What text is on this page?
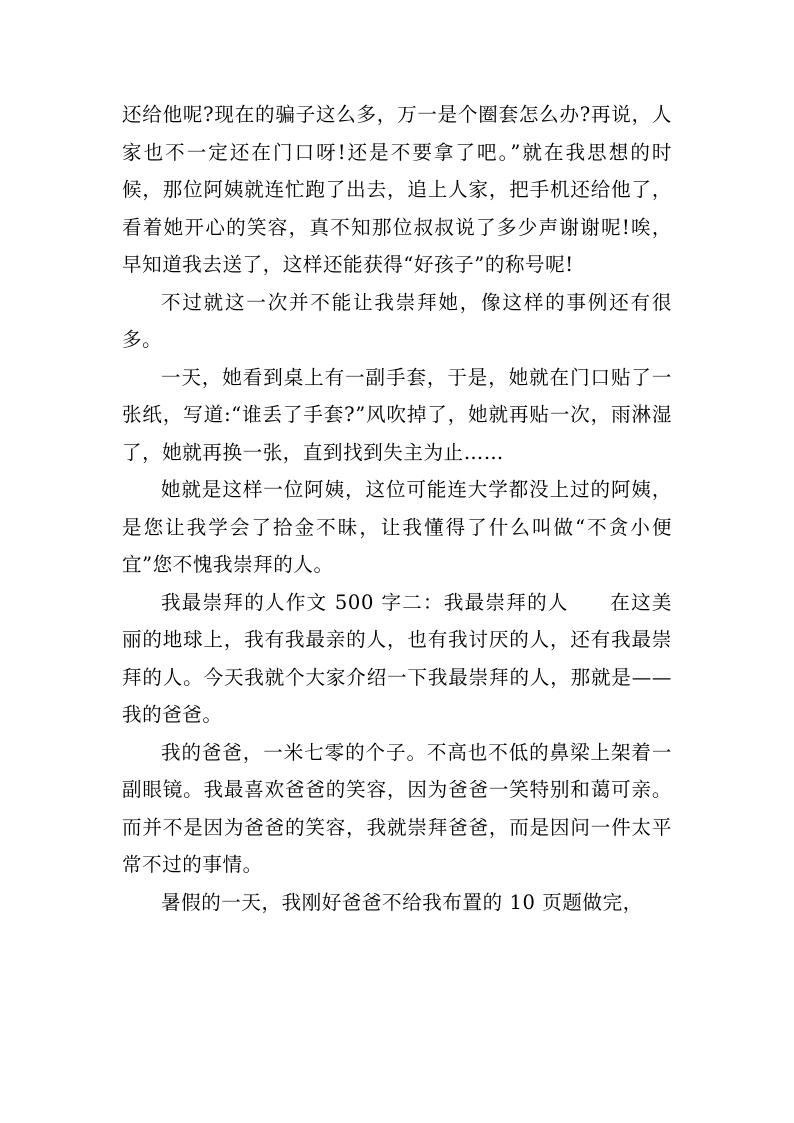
还给他呢?现在的骗子这么多，万一是个圈套怎么办?再说，人家也不一定还在门口呀!还是不要拿了吧。”就在我思想的时候，那位阿姨就连忙跑了出去，追上人家，把手机还给他了，看着她开心的笑容，真不知那位叔叔说了多少声谢谢呢!唉，早知道我去送了，这样还能获得“好孩子”的称号呢!

不过就这一次并不能让我崇拜她，像这样的事例还有很多。

一天，她看到桌上有一副手套，于是，她就在门口贴了一张纸，写道:“谁丢了手套?”风吹掉了，她就再贴一次，雨淋湿了，她就再换一张，直到找到失主为止……

她就是这样一位阿姨，这位可能连大学都没上过的阿姨，是您让我学会了拾金不昧，让我懂得了什么叫做“不贪小便宜”您不愧我崇拜的人。

我最崇拜的人作文 500 字二：我最崇拜的人　　在这美丽的地球上，我有我最亲的人，也有我讨厌的人，还有我最崇拜的人。今天我就个大家介绍一下我最崇拜的人，那就是——我的爸爸。

我的爸爸，一米七零的个子。不高也不低的鼻梁上架着一副眼镜。我最喜欢爸爸的笑容，因为爸爸一笑特别和蔼可亲。而并不是因为爸爸的笑容，我就崇拜爸爸，而是因问一件太平常不过的事情。

暑假的一天，我刚好爸爸不给我布置的 10 页题做完，
